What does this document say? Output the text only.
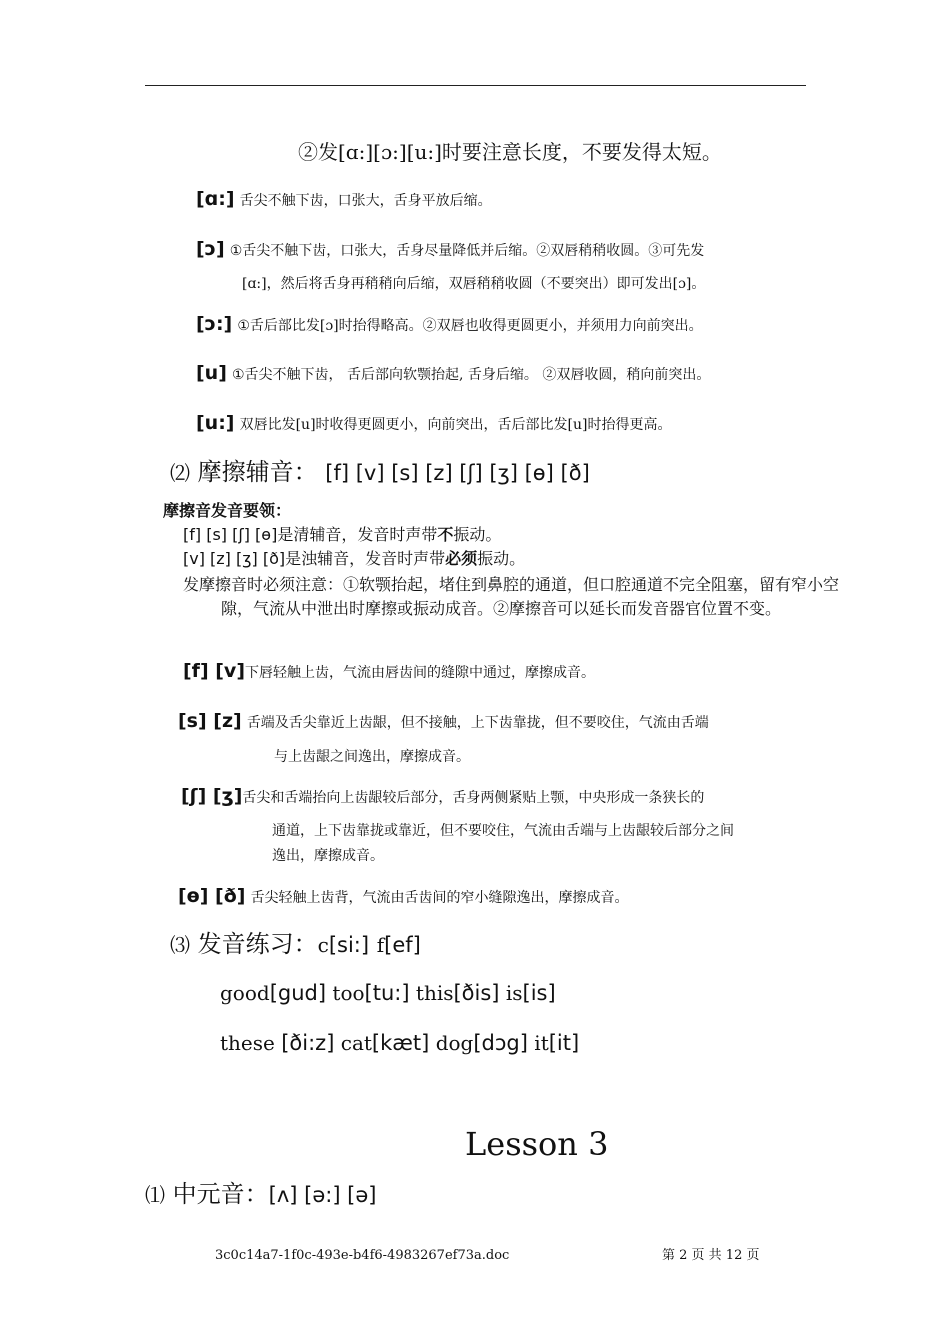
②发[ɑ:][ɔ:][u:]时要注意长度，不要发得太短。
[ɑ:] 舌尖不触下齿，口张大，舌身平放后缩。
[ɔ] ①舌尖不触下齿，口张大，舌身尽量降低并后缩。②双唇稍稍收圆。③可先发
[ɑ:]，然后将舌身再稍稍向后缩，双唇稍稍收圆（不要突出）即可发出[ɔ]。
[ɔ:] ①舌后部比发[ɔ]时抬得略高。②双唇也收得更圆更小，并须用力向前突出。
[u] ①舌尖不触下齿， 舌后部向软颚抬起, 舌身后缩。 ②双唇收圆，稍向前突出。
[u:] 双唇比发[u]时收得更圆更小，向前突出，舌后部比发[u]时抬得更高。
⑵ 摩擦辅音： [f] [v] [s] [z] [ʃ] [ʒ] [ɵ] [ð]
摩擦音发音要领：
[f] [s] [ʃ] [ɵ]是清辅音，发音时声带不振动。
[v] [z] [ʒ] [ð]是浊辅音，发音时声带必须振动。
发摩擦音时必须注意：①软颚抬起，堵住到鼻腔的通道，但口腔通道不完全阻塞，留有窄小空隙，气流从中泄出时摩擦或振动成音。②摩擦音可以延长而发音器官位置不变。
[f] [v]下唇轻触上齿，气流由唇齿间的缝隙中通过，摩擦成音。
[s] [z] 舌端及舌尖靠近上齿龈，但不接触，上下齿靠拢，但不要咬住，气流由舌端
与上齿龈之间逸出，摩擦成音。
[ʃ] [ʒ]舌尖和舌端抬向上齿龈较后部分，舌身两侧紧贴上颚，中央形成一条狭长的
通道，上下齿靠拢或靠近，但不要咬住，气流由舌端与上齿龈较后部分之间
逸出，摩擦成音。
[ɵ] [ð] 舌尖轻触上齿背，气流由舌齿间的窄小缝隙逸出，摩擦成音。
⑶ 发音练习：c[si:] f[ef]
good[gud] too[tu:] this[ðis] is[is]
these [ði:z] cat[kæt] dog[dɔg] it[it]
Lesson 3
⑴ 中元音：[ʌ] [ə:] [ə]
3c0c14a7-1f0c-493e-b4f6-4983267ef73a.doc	第 2 页 共 12 页
